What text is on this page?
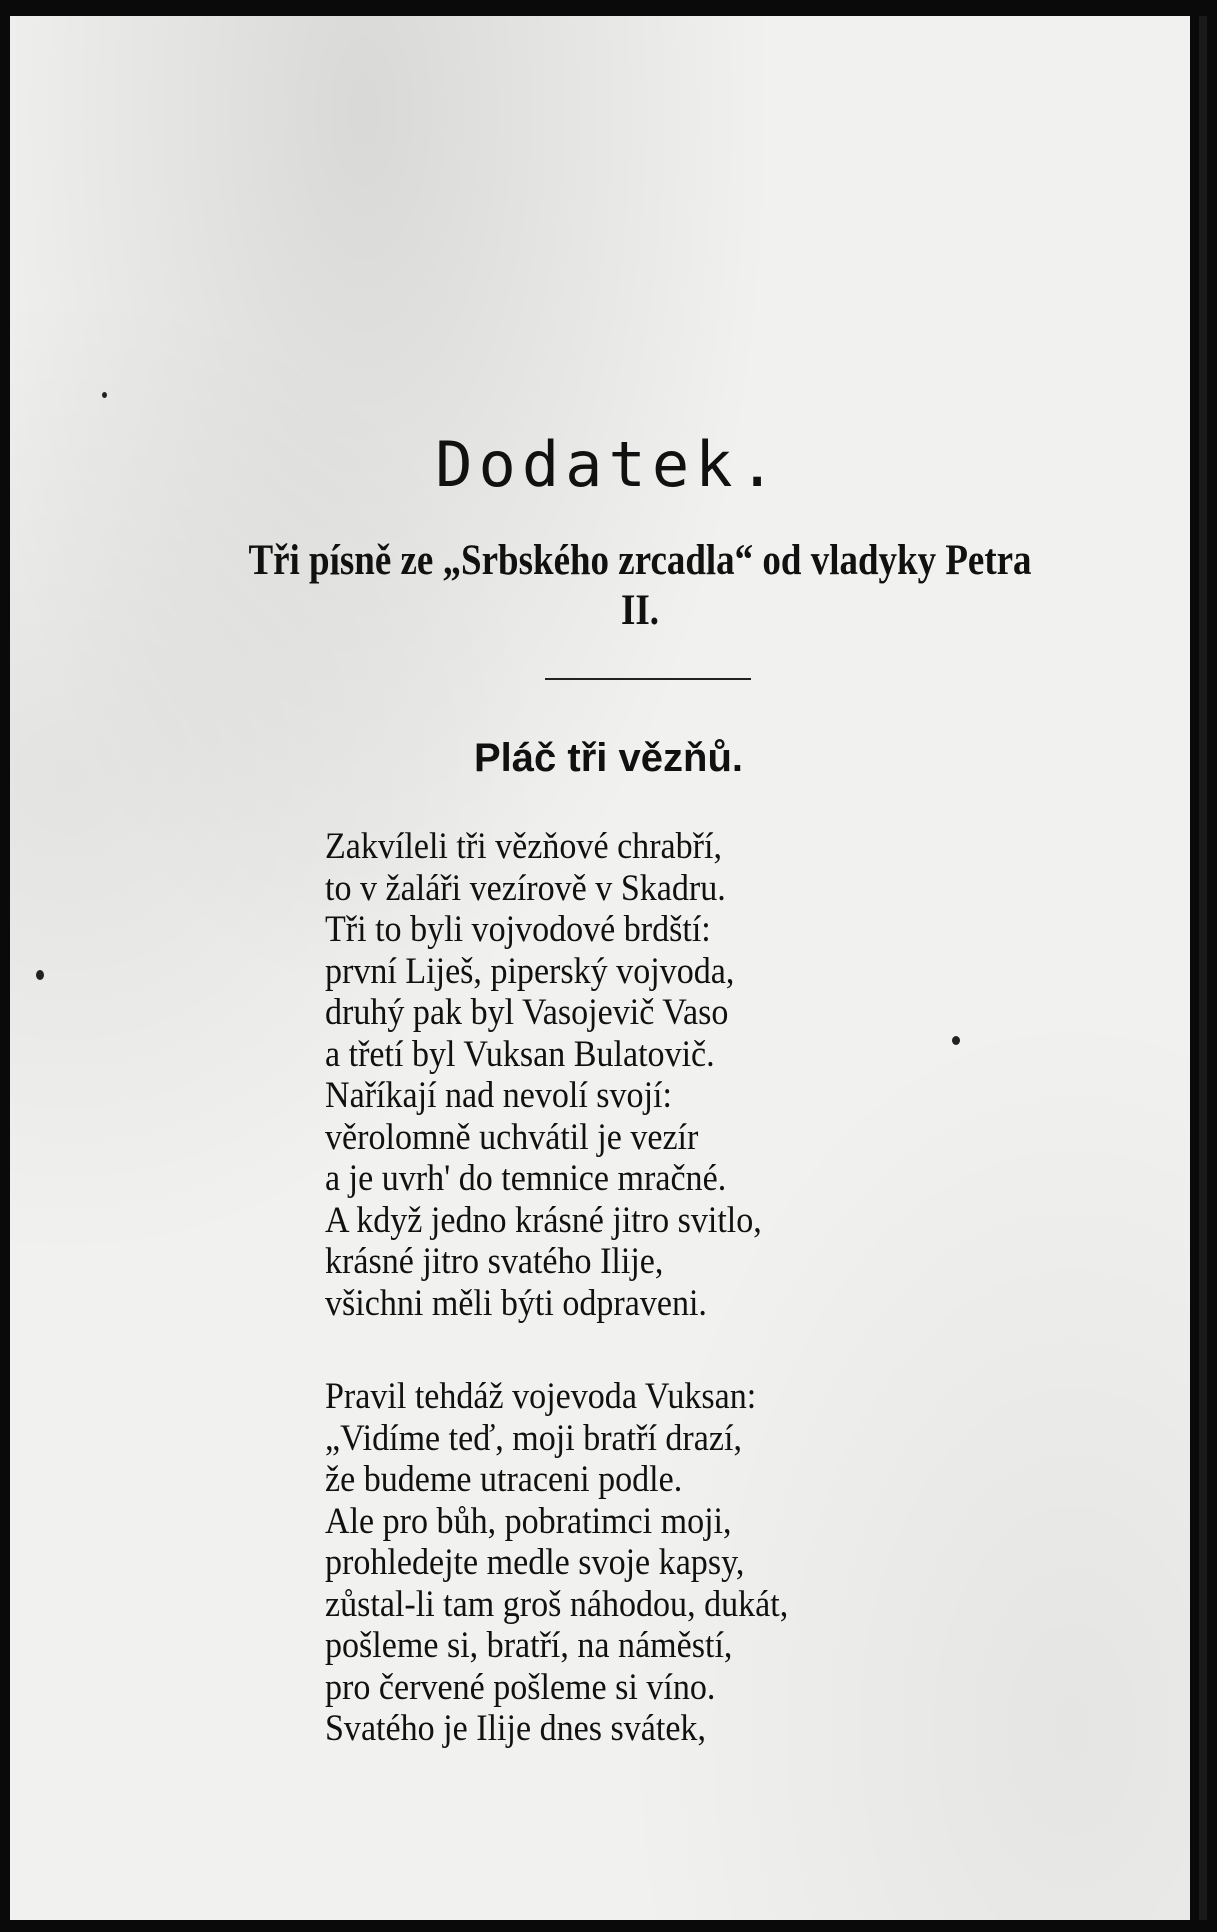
Dodatek.
Tři písně ze „Srbského zrcadla“ od vladyky Petra II.
Pláč tři vězňů.
Zakvíleli tři vězňové chrabří,
to v žaláři vezírově v Skadru.
Tři to byli vojvodové brdští:
první Liješ, piperský vojvoda,
druhý pak byl Vasojevič Vaso
a třetí byl Vuksan Bulatovič.
Naříkají nad nevolí svojí:
věrolomně uchvátil je vezír
a je uvrh' do temnice mračné.
A když jedno krásné jitro svitlo,
krásné jitro svatého Ilije,
všichni měli býti odpraveni.
Pravil tehdáž vojevoda Vuksan:
„Vidíme teď, moji bratří drazí,
že budeme utraceni podle.
Ale pro bůh, pobratimci moji,
prohledejte medle svoje kapsy,
zůstal-li tam groš náhodou, dukát,
pošleme si, bratří, na náměstí,
pro červené pošleme si víno.
Svatého je Ilije dnes svátek,
